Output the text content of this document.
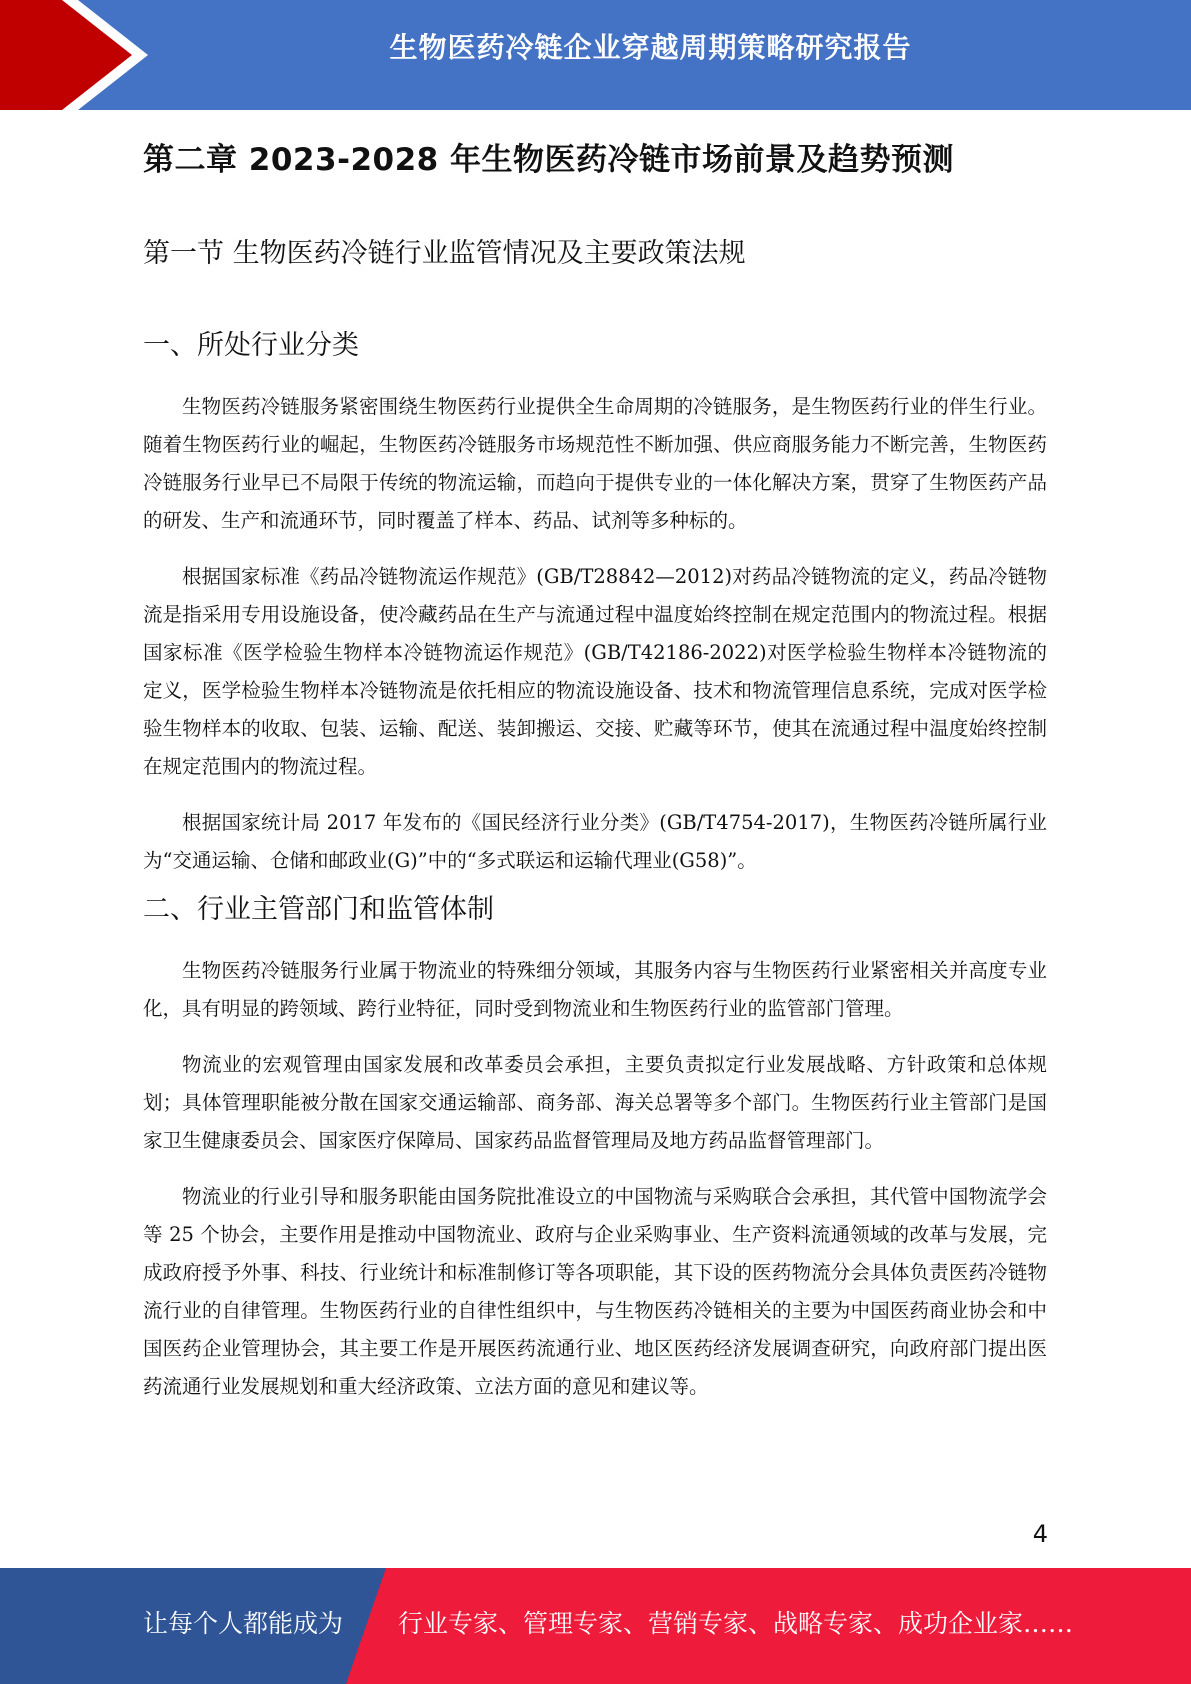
生物医药冷链企业穿越周期策略研究报告
第二章 2023-2028 年生物医药冷链市场前景及趋势预测
第一节 生物医药冷链行业监管情况及主要政策法规
一、所处行业分类

生物医药冷链服务紧密围绕生物医药行业提供全生命周期的冷链服务，是生物医药行业的伴生行业。随着生物医药行业的崛起，生物医药冷链服务市场规范性不断加强、供应商服务能力不断完善，生物医药冷链服务行业早已不局限于传统的物流运输，而趋向于提供专业的一体化解决方案，贯穿了生物医药产品的研发、生产和流通环节，同时覆盖了样本、药品、试剂等多种标的。

根据国家标准《药品冷链物流运作规范》(GB/T28842—2012)对药品冷链物流的定义，药品冷链物流是指采用专用设施设备，使冷藏药品在生产与流通过程中温度始终控制在规定范围内的物流过程。根据国家标准《医学检验生物样本冷链物流运作规范》(GB/T42186-2022)对医学检验生物样本冷链物流的定义，医学检验生物样本冷链物流是依托相应的物流设施设备、技术和物流管理信息系统，完成对医学检验生物样本的收取、包装、运输、配送、装卸搬运、交接、贮藏等环节，使其在流通过程中温度始终控制在规定范围内的物流过程。

根据国家统计局 2017 年发布的《国民经济行业分类》(GB/T4754-2017)，生物医药冷链所属行业为“交通运输、仓储和邮政业(G)”中的“多式联运和运输代理业(G58)”。

二、行业主管部门和监管体制

生物医药冷链服务行业属于物流业的特殊细分领域，其服务内容与生物医药行业紧密相关并高度专业化，具有明显的跨领域、跨行业特征，同时受到物流业和生物医药行业的监管部门管理。

物流业的宏观管理由国家发展和改革委员会承担，主要负责拟定行业发展战略、方针政策和总体规划；具体管理职能被分散在国家交通运输部、商务部、海关总署等多个部门。生物医药行业主管部门是国家卫生健康委员会、国家医疗保障局、国家药品监督管理局及地方药品监督管理部门。

物流业的行业引导和服务职能由国务院批准设立的中国物流与采购联合会承担，其代管中国物流学会等 25 个协会，主要作用是推动中国物流业、政府与企业采购事业、生产资料流通领域的改革与发展，完成政府授予外事、科技、行业统计和标准制修订等各项职能，其下设的医药物流分会具体负责医药冷链物流行业的自律管理。生物医药行业的自律性组织中，与生物医药冷链相关的主要为中国医药商业协会和中国医药企业管理协会，其主要工作是开展医药流通行业、地区医药经济发展调查研究，向政府部门提出医药流通行业发展规划和重大经济政策、立法方面的意见和建议等。

4
让每个人都能成为 行业专家、管理专家、营销专家、战略专家、成功企业家……
